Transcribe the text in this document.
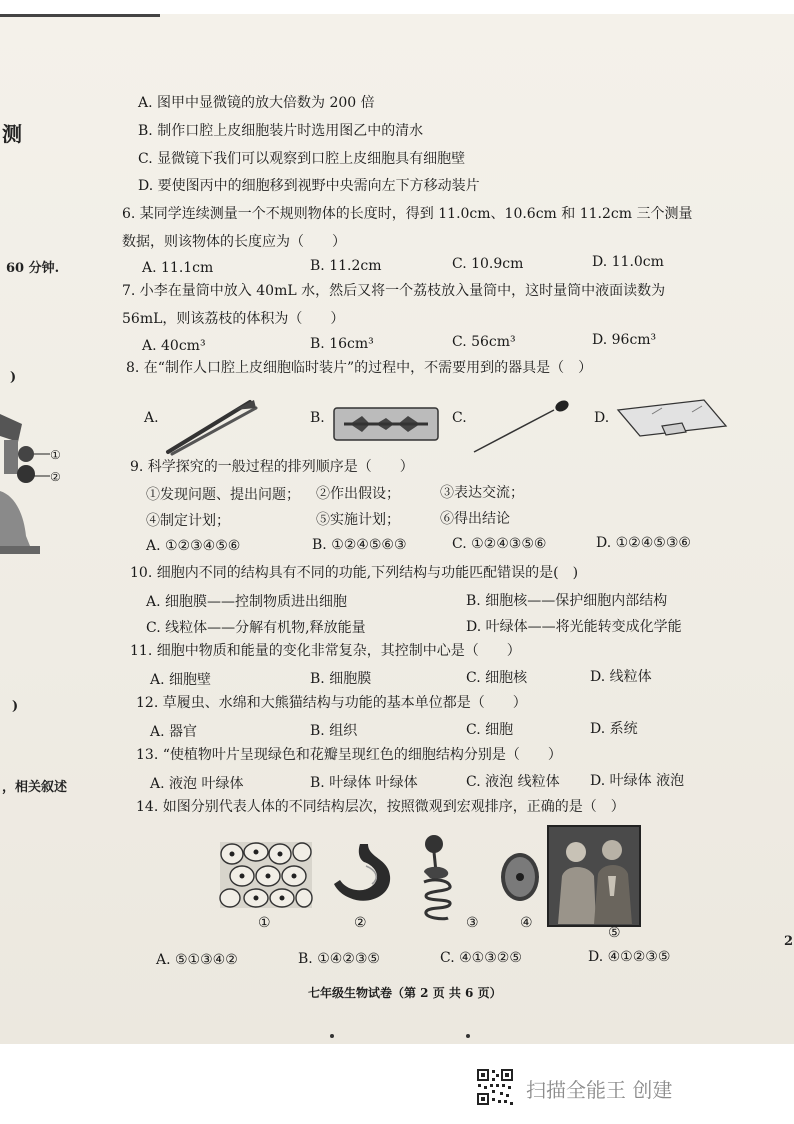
测
60 分钟.
)
)
，相关叙述
2
①
②
A. 图甲中显微镜的放大倍数为 200 倍
B. 制作口腔上皮细胞装片时选用图乙中的清水
C. 显微镜下我们可以观察到口腔上皮细胞具有细胞壁
D. 要使图丙中的细胞移到视野中央需向左下方移动装片
6. 某同学连续测量一个不规则物体的长度时，得到 11.0cm、10.6cm 和 11.2cm 三个测量
数据，则该物体的长度应为（　　）
A. 11.1cm	B. 11.2cm	C. 10.9cm	D. 11.0cm
7. 小李在量筒中放入 40mL 水，然后又将一个荔枝放入量筒中，这时量筒中液面读数为
56mL，则该荔枝的体积为（　　）
A. 40cm³	B. 16cm³	C. 56cm³	D. 96cm³
8. 在“制作人口腔上皮细胞临时装片”的过程中，不需要用到的器具是（　）
A.	B.	C.	D.
9. 科学探究的一般过程的排列顺序是（　　）
①发现问题、提出问题； ②作出假设；	③表达交流；
④制定计划；	⑤实施计划；	⑥得出结论
A. ①②③④⑤⑥	B. ①②④⑤⑥③	C. ①②④③⑤⑥	D. ①②④⑤③⑥
10. 细胞内不同的结构具有不同的功能,下列结构与功能匹配错误的是(　)
A. 细胞膜——控制物质进出细胞	B. 细胞核——保护细胞内部结构
C. 线粒体——分解有机物,释放能量	D. 叶绿体——将光能转变成化学能
11. 细胞中物质和能量的变化非常复杂，其控制中心是（　　）
A. 细胞壁	B. 细胞膜	C. 细胞核	D. 线粒体
12. 草履虫、水绵和大熊猫结构与功能的基本单位都是（　　）
A. 器官	B. 组织	C. 细胞	D. 系统
13. “使植物叶片呈现绿色和花瓣呈现红色的细胞结构分别是（　　）
A. 液泡 叶绿体	B. 叶绿体 叶绿体	C. 液泡 线粒体 D. 叶绿体 液泡
14. 如图分别代表人体的不同结构层次，按照微观到宏观排序，正确的是（　）
①	②	③	④
⑤
A. ⑤①③④②	B. ①④②③⑤	C. ④①③②⑤	D. ④①②③⑤
七年级生物试卷（第 2 页 共 6 页）
扫描全能王 创建
